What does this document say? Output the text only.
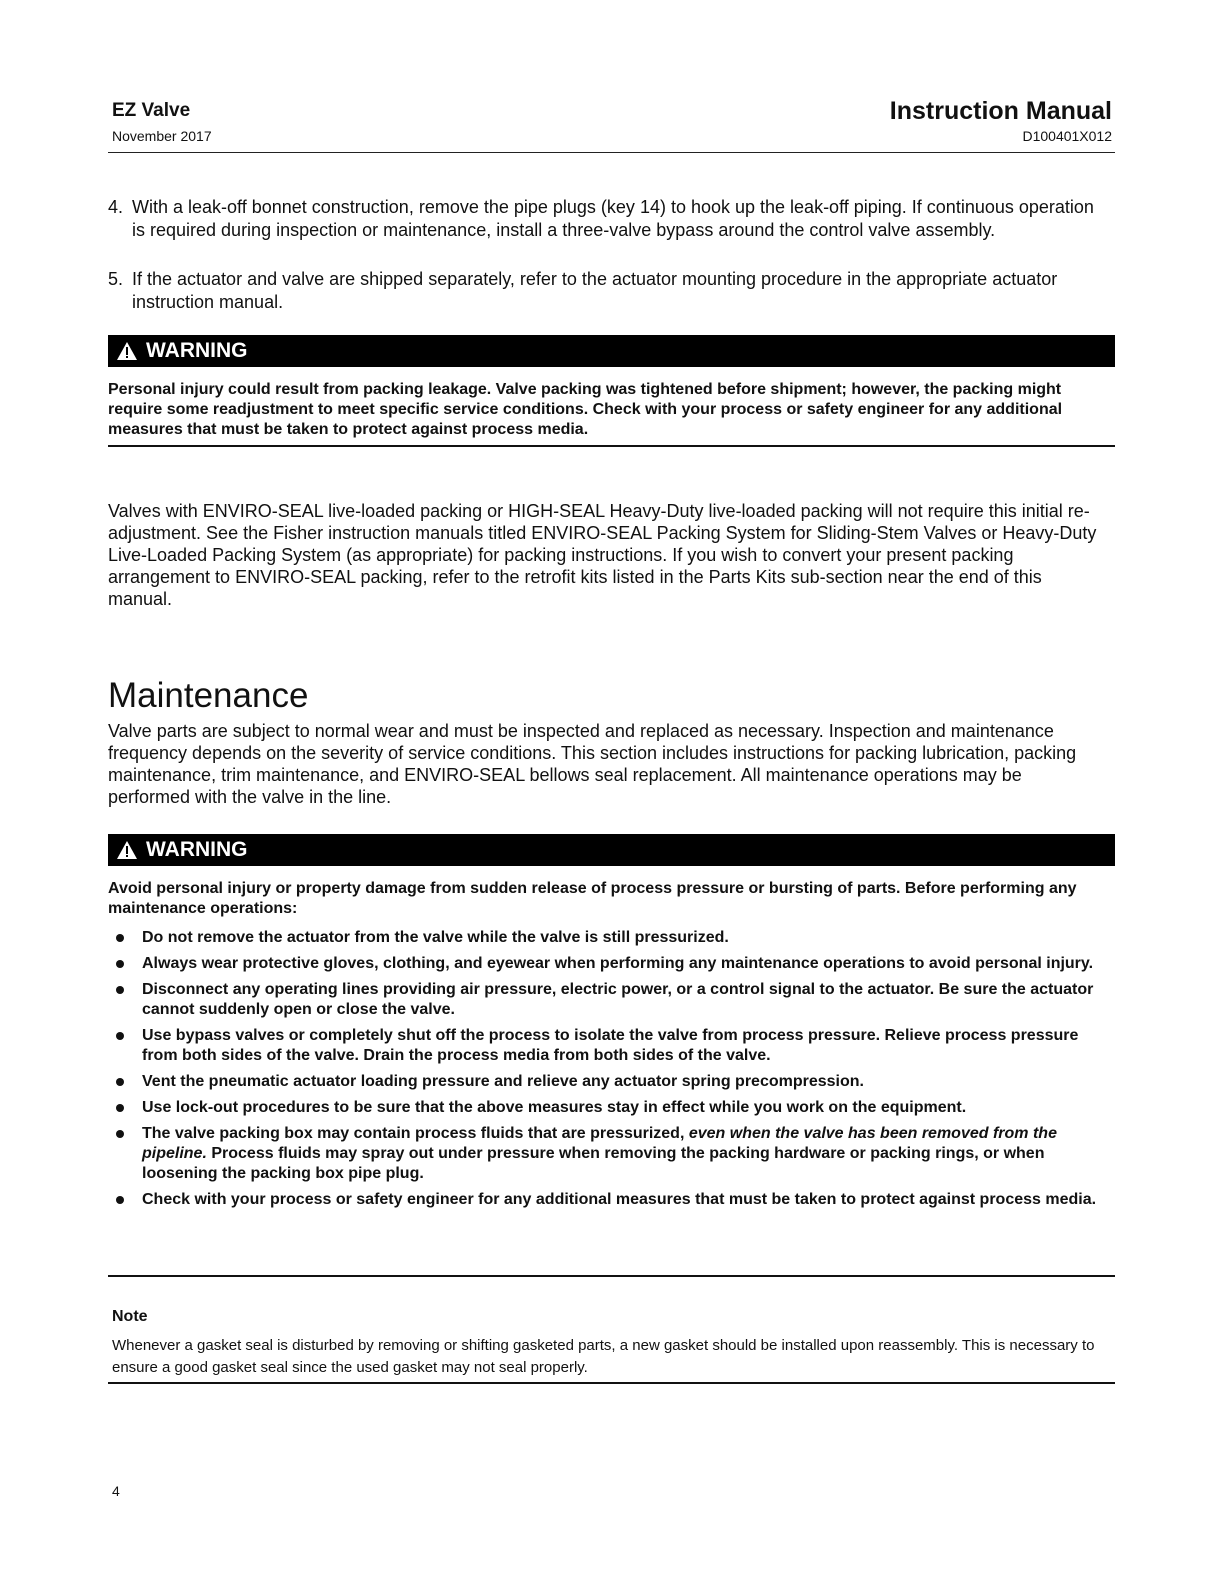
EZ Valve
November 2017
Instruction Manual
D100401X012
4. With a leak-off bonnet construction, remove the pipe plugs (key 14) to hook up the leak-off piping. If continuous operation is required during inspection or maintenance, install a three-valve bypass around the control valve assembly.
5. If the actuator and valve are shipped separately, refer to the actuator mounting procedure in the appropriate actuator instruction manual.
WARNING
Personal injury could result from packing leakage. Valve packing was tightened before shipment; however, the packing might require some readjustment to meet specific service conditions. Check with your process or safety engineer for any additional measures that must be taken to protect against process media.
Valves with ENVIRO-SEAL live-loaded packing or HIGH-SEAL Heavy-Duty live-loaded packing will not require this initial re-adjustment. See the Fisher instruction manuals titled ENVIRO-SEAL Packing System for Sliding-Stem Valves or Heavy-Duty Live-Loaded Packing System (as appropriate) for packing instructions. If you wish to convert your present packing arrangement to ENVIRO-SEAL packing, refer to the retrofit kits listed in the Parts Kits sub-section near the end of this manual.
Maintenance
Valve parts are subject to normal wear and must be inspected and replaced as necessary. Inspection and maintenance frequency depends on the severity of service conditions. This section includes instructions for packing lubrication, packing maintenance, trim maintenance, and ENVIRO-SEAL bellows seal replacement. All maintenance operations may be performed with the valve in the line.
WARNING
Avoid personal injury or property damage from sudden release of process pressure or bursting of parts. Before performing any maintenance operations:
Do not remove the actuator from the valve while the valve is still pressurized.
Always wear protective gloves, clothing, and eyewear when performing any maintenance operations to avoid personal injury.
Disconnect any operating lines providing air pressure, electric power, or a control signal to the actuator. Be sure the actuator cannot suddenly open or close the valve.
Use bypass valves or completely shut off the process to isolate the valve from process pressure. Relieve process pressure from both sides of the valve. Drain the process media from both sides of the valve.
Vent the pneumatic actuator loading pressure and relieve any actuator spring precompression.
Use lock-out procedures to be sure that the above measures stay in effect while you work on the equipment.
The valve packing box may contain process fluids that are pressurized, even when the valve has been removed from the pipeline. Process fluids may spray out under pressure when removing the packing hardware or packing rings, or when loosening the packing box pipe plug.
Check with your process or safety engineer for any additional measures that must be taken to protect against process media.
Note
Whenever a gasket seal is disturbed by removing or shifting gasketed parts, a new gasket should be installed upon reassembly. This is necessary to ensure a good gasket seal since the used gasket may not seal properly.
4
